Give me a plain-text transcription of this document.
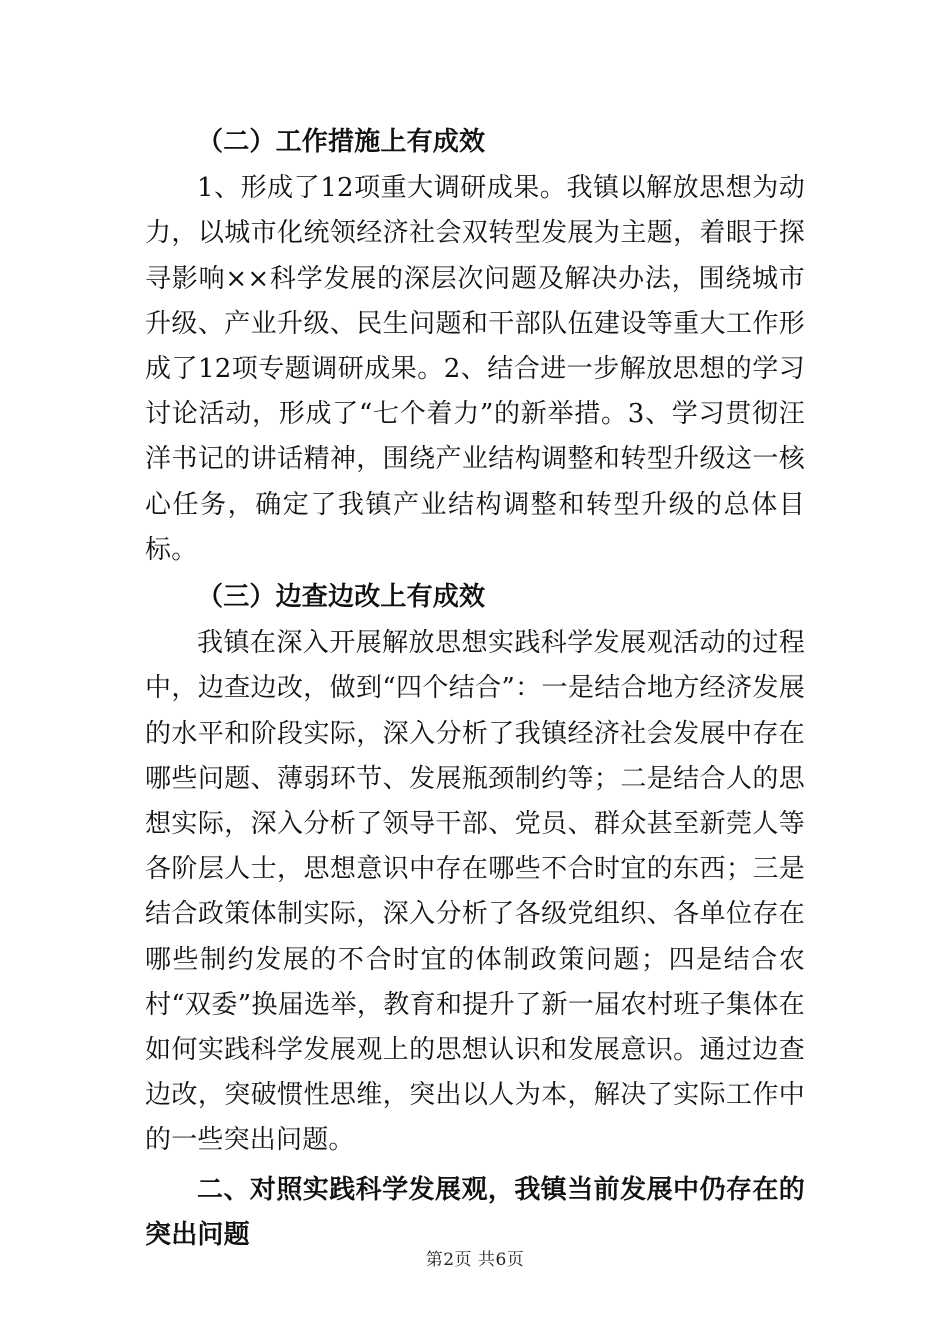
（二）工作措施上有成效

1、形成了12项重大调研成果。我镇以解放思想为动力，以城市化统领经济社会双转型发展为主题，着眼于探寻影响××科学发展的深层次问题及解决办法，围绕城市升级、产业升级、民生问题和干部队伍建设等重大工作形成了12项专题调研成果。2、结合进一步解放思想的学习讨论活动，形成了“七个着力”的新举措。3、学习贯彻汪洋书记的讲话精神，围绕产业结构调整和转型升级这一核心任务，确定了我镇产业结构调整和转型升级的总体目标。

（三）边查边改上有成效

我镇在深入开展解放思想实践科学发展观活动的过程中，边查边改，做到“四个结合”：一是结合地方经济发展的水平和阶段实际，深入分析了我镇经济社会发展中存在哪些问题、薄弱环节、发展瓶颈制约等；二是结合人的思想实际，深入分析了领导干部、党员、群众甚至新莞人等各阶层人士，思想意识中存在哪些不合时宜的东西；三是结合政策体制实际，深入分析了各级党组织、各单位存在哪些制约发展的不合时宜的体制政策问题；四是结合农村“双委”换届选举，教育和提升了新一届农村班子集体在如何实践科学发展观上的思想认识和发展意识。通过边查边改，突破惯性思维，突出以人为本，解决了实际工作中的一些突出问题。

二、对照实践科学发展观，我镇当前发展中仍存在的突出问题
第2页 共6页
